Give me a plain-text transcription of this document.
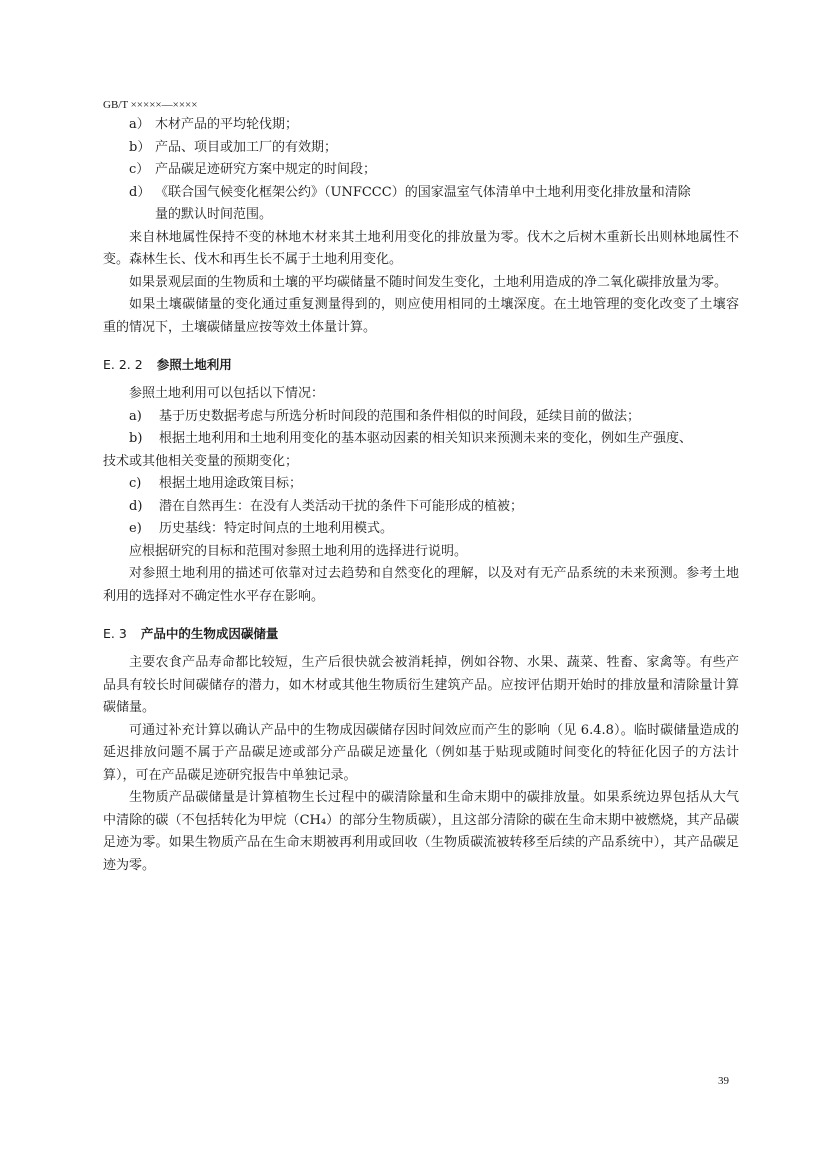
GB/T ×××××—××××
a） 木材产品的平均轮伐期；
b） 产品、项目或加工厂的有效期；
c） 产品碳足迹研究方案中规定的时间段；
d） 《联合国气候变化框架公约》（UNFCCC）的国家温室气体清单中土地利用变化排放量和清除

量的默认时间范围。

来自林地属性保持不变的林地木材来其土地利用变化的排放量为零。伐木之后树木重新长出则林地属性不变。森林生长、伐木和再生长不属于土地利用变化。

如果景观层面的生物质和土壤的平均碳储量不随时间发生变化，土地利用造成的净二氧化碳排放量为零。

如果土壤碳储量的变化通过重复测量得到的，则应使用相同的土壤深度。在土地管理的变化改变了土壤容重的情况下，土壤碳储量应按等效土体量计算。

E. 2. 2 参照土地利用

参照土地利用可以包括以下情况：

a)	基于历史数据考虑与所选分析时间段的范围和条件相似的时间段，延续目前的做法；
b)	根据土地利用和土地利用变化的基本驱动因素的相关知识来预测未来的变化，例如生产强度、

技术或其他相关变量的预期变化；

c)	根据土地用途政策目标；
d)	潜在自然再生：在没有人类活动干扰的条件下可能形成的植被；
e)	历史基线：特定时间点的土地利用模式。

应根据研究的目标和范围对参照土地利用的选择进行说明。

对参照土地利用的描述可依靠对过去趋势和自然变化的理解，以及对有无产品系统的未来预测。参考土地利用的选择对不确定性水平存在影响。

E. 3 产品中的生物成因碳储量

主要农食产品寿命都比较短，生产后很快就会被消耗掉，例如谷物、水果、蔬菜、牲畜、家禽等。有些产品具有较长时间碳储存的潜力，如木材或其他生物质衍生建筑产品。应按评估期开始时的排放量和清除量计算碳储量。

可通过补充计算以确认产品中的生物成因碳储存因时间效应而产生的影响（见 6.4.8）。临时碳储量造成的延迟排放问题不属于产品碳足迹或部分产品碳足迹量化（例如基于贴现或随时间变化的特征化因子的方法计算），可在产品碳足迹研究报告中单独记录。

生物质产品碳储量是计算植物生长过程中的碳清除量和生命末期中的碳排放量。如果系统边界包括从大气中清除的碳（不包括转化为甲烷（CH₄）的部分生物质碳），且这部分清除的碳在生命末期中被燃烧，其产品碳足迹为零。如果生物质产品在生命末期被再利用或回收（生物质碳流被转移至后续的产品系统中），其产品碳足迹为零。

39
